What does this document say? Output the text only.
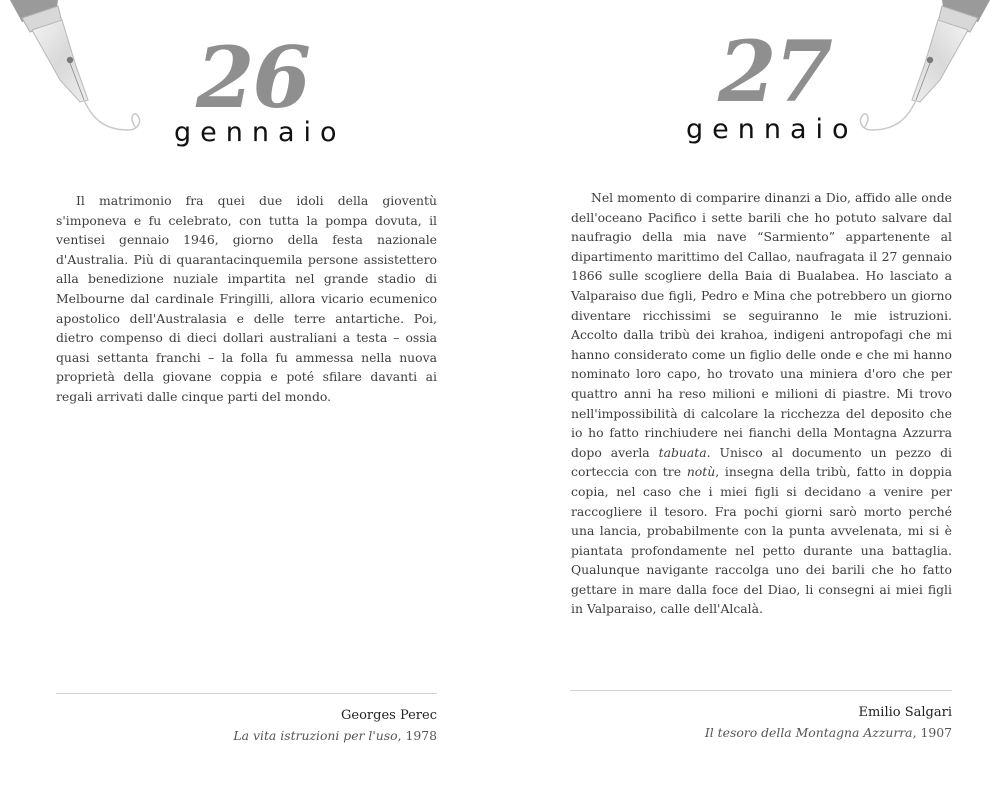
26
gennaio

Il matrimonio fra quei due idoli della gioventù s'imponeva e fu celebrato, con tutta la pompa dovuta, il ventisei gennaio 1946, giorno della festa nazionale d'Australia. Più di quarantacinquemila persone assistettero alla benedizione nuziale impartita nel grande stadio di Melbourne dal cardinale Fringilli, allora vicario ecumenico apostolico dell'Australasia e delle terre antartiche. Poi, dietro compenso di dieci dollari australiani a testa – ossia quasi settanta franchi – la folla fu ammessa nella nuova proprietà della giovane coppia e poté sfilare davanti ai regali arrivati dalle cinque parti del mondo.

Georges Perec
La vita istruzioni per l'uso, 1978
27
gennaio

Nel momento di comparire dinanzi a Dio, affido alle onde dell'oceano Pacifico i sette barili che ho potuto salvare dal naufragio della mia nave “Sarmiento” appartenente al dipartimento marittimo del Callao, naufragata il 27 gennaio 1866 sulle scogliere della Baia di Bualabea. Ho lasciato a Valparaiso due figli, Pedro e Mina che potrebbero un giorno diventare ricchissimi se seguiranno le mie istruzioni. Accolto dalla tribù dei krahoa, indigeni antropofagi che mi hanno considerato come un figlio delle onde e che mi hanno nominato loro capo, ho trovato una miniera d'oro che per quattro anni ha reso milioni e milioni di piastre. Mi trovo nell'impossibilità di calcolare la ricchezza del deposito che io ho fatto rinchiudere nei fianchi della Montagna Azzurra dopo averla tabuata. Unisco al documento un pezzo di corteccia con tre notù, insegna della tribù, fatto in doppia copia, nel caso che i miei figli si decidano a venire per raccogliere il tesoro. Fra pochi giorni sarò morto perché una lancia, probabilmente con la punta avvelenata, mi si è piantata profondamente nel petto durante una battaglia. Qualunque navigante raccolga uno dei barili che ho fatto gettare in mare dalla foce del Diao, li consegni ai miei figli in Valparaiso, calle dell'Alcalà.

Emilio Salgari
Il tesoro della Montagna Azzurra, 1907
